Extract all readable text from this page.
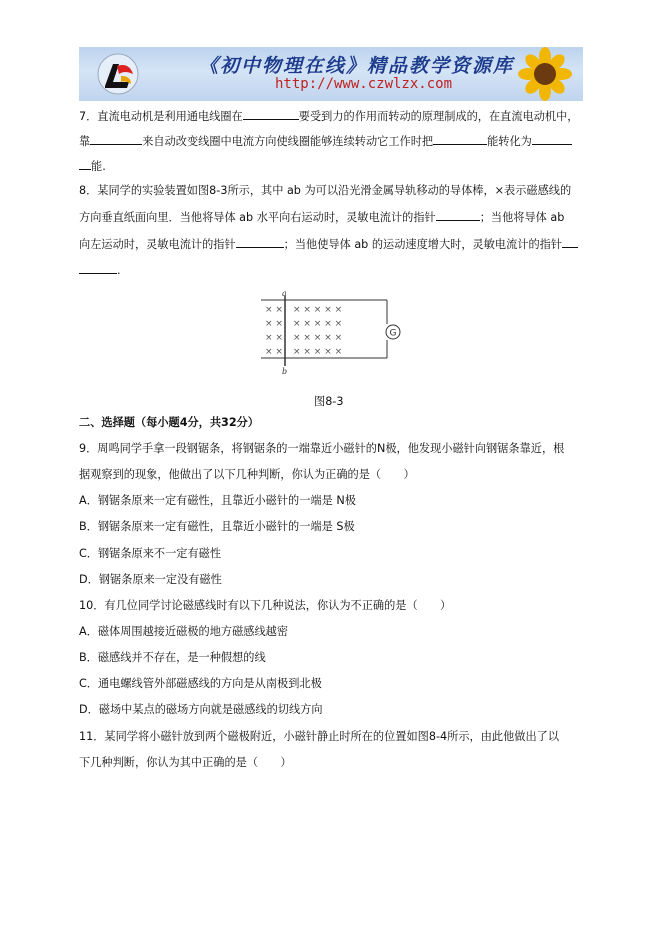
《初中物理在线》精品教学资源库
http://www.czwlzx.com
7．直流电动机是利用通电线圈在	要受到力的作用而转动的原理制成的，在直流电动机中，
靠	来自动改变线圈中电流方向使线圈能够连续转动它工作时把	能转化为
能.
8．某同学的实验装置如图8-3所示，其中 ab 为可以沿光滑金属导轨移动的导体棒，×表示磁感线的
方向垂直纸面向里．当他将导体 ab 水平向右运动时，灵敏电流计的指针	；当他将导体 ab
向左运动时，灵敏电流计的指针	；当他使导体 ab 的运动速度增大时，灵敏电流计的指针
.
× × × × × × ×
× × × × × × ×
× × × × × × ×
× × × × × × ×
G
a
b
图8-3
二、选择题（每小题4分，共32分）
9．周鸣同学手拿一段钢锯条，将钢锯条的一端靠近小磁针的N极，他发现小磁针向钢锯条靠近，根
据观察到的现象，他做出了以下几种判断，你认为正确的是（　　）
A．钢锯条原来一定有磁性，且靠近小磁针的一端是 N极
B．钢锯条原来一定有磁性，且靠近小磁针的一端是 S极
C．钢锯条原来不一定有磁性
D．钢锯条原来一定没有磁性
10．有几位同学讨论磁感线时有以下几种说法，你认为不正确的是（　　）
A．磁体周围越接近磁极的地方磁感线越密
B．磁感线并不存在，是一种假想的线
C．通电螺线管外部磁感线的方向是从南极到北极
D．磁场中某点的磁场方向就是磁感线的切线方向
11．某同学将小磁针放到两个磁极附近，小磁针静止时所在的位置如图8-4所示，由此他做出了以
下几种判断，你认为其中正确的是（　　）
